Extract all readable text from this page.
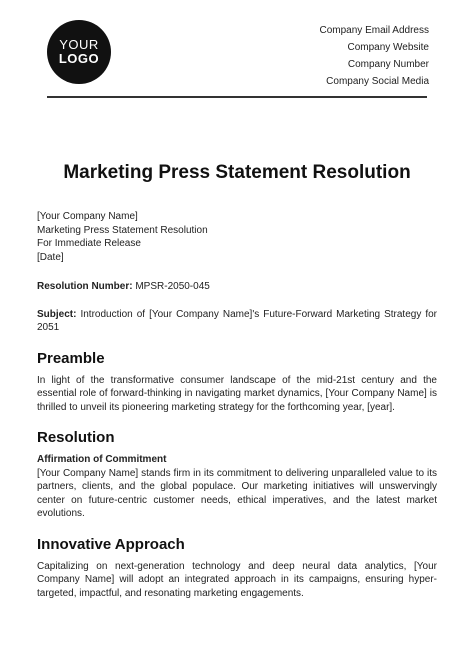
YOUR
LOGO
Company Email Address
Company Website
Company Number
Company Social Media
Marketing Press Statement Resolution
[Your Company Name]
Marketing Press Statement Resolution
For Immediate Release
[Date]
Resolution Number: MPSR-2050-045
Subject: Introduction of [Your Company Name]'s Future-Forward Marketing Strategy for 2051
Preamble

In light of the transformative consumer landscape of the mid-21st century and the essential role of forward-thinking in navigating market dynamics, [Your Company Name] is thrilled to unveil its pioneering marketing strategy for the forthcoming year, [year].

Resolution
Affirmation of Commitment

[Your Company Name] stands firm in its commitment to delivering unparalleled value to its partners, clients, and the global populace. Our marketing initiatives will unswervingly center on future-centric customer needs, ethical imperatives, and the latest market evolutions.

Innovative Approach

Capitalizing on next-generation technology and deep neural data analytics, [Your Company Name] will adopt an integrated approach in its campaigns, ensuring hyper-targeted, impactful, and resonating marketing engagements.
